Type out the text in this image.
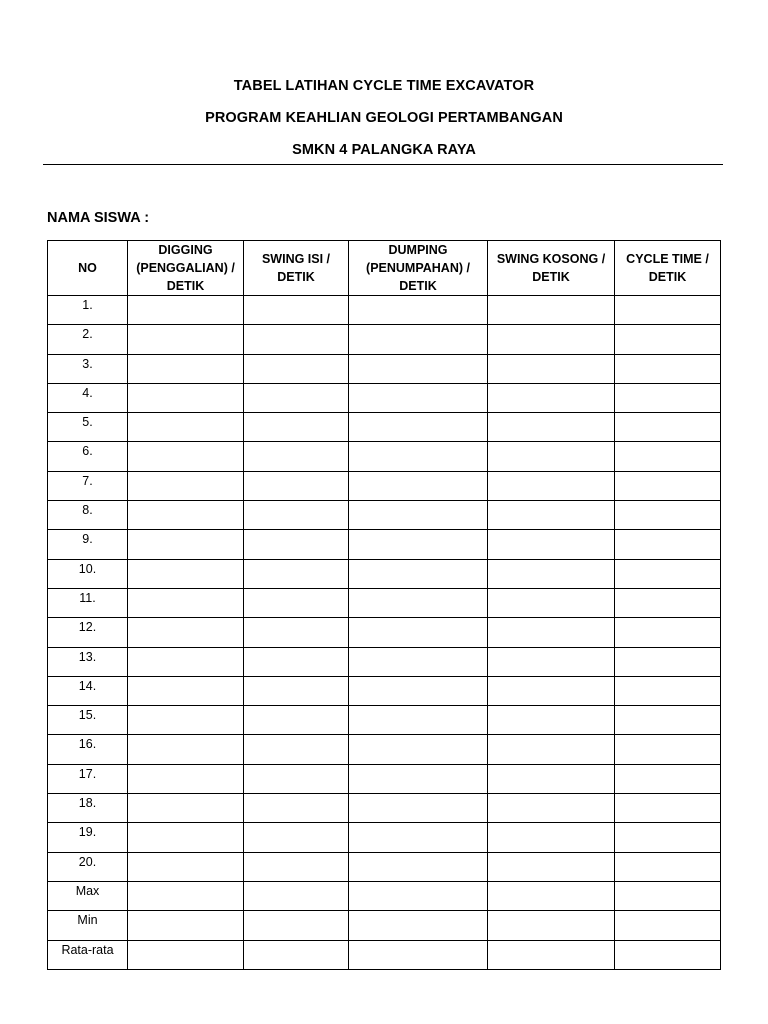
TABEL LATIHAN CYCLE TIME EXCAVATOR
PROGRAM KEAHLIAN GEOLOGI PERTAMBANGAN
SMKN 4 PALANGKA RAYA
NAMA SISWA :
NO	DIGGING (PENGGALIAN) / DETIK	SWING ISI / DETIK	DUMPING (PENUMPAHAN) / DETIK	SWING KOSONG / DETIK	CYCLE TIME / DETIK
1.					
2.					
3.					
4.					
5.					
6.					
7.					
8.					
9.					
10.					
11.					
12.					
13.					
14.					
15.					
16.					
17.					
18.					
19.					
20.					
Max					
Min					
Rata-rata					
